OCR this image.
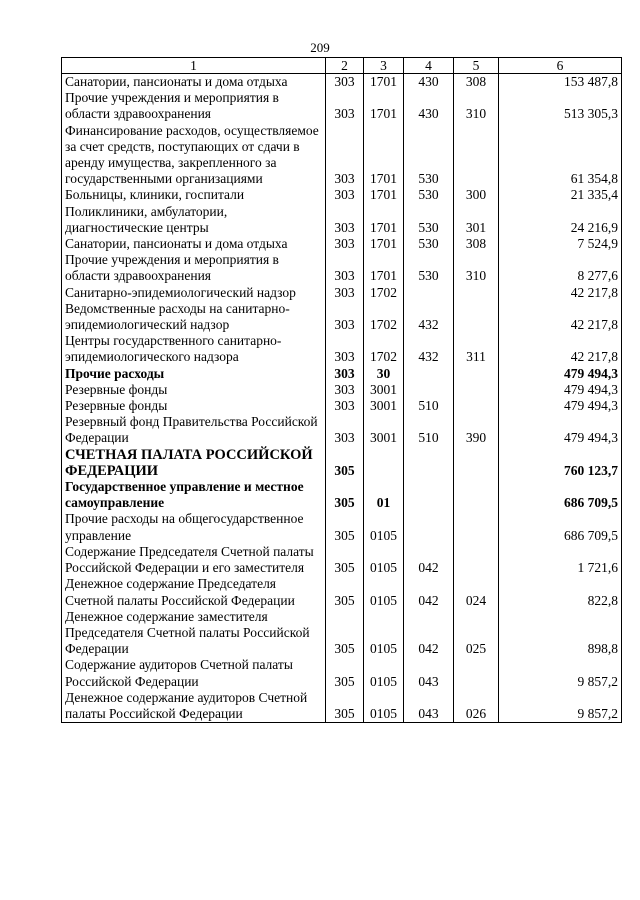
209
1	2	3	4	5	6
Санатории, пансионаты и дома отдыха	303	1701	430	308	153 487,8
Прочие учреждения и мероприятия в области здравоохранения	303	1701	430	310	513 305,3
Финансирование расходов, осуществляемое за счет средств, поступающих от сдачи в аренду имущества, закрепленного за государственными организациями	303	1701	530		61 354,8
Больницы, клиники, госпитали	303	1701	530	300	21 335,4
Поликлиники, амбулатории, диагностические центры	303	1701	530	301	24 216,9
Санатории, пансионаты и дома отдыха	303	1701	530	308	7 524,9
Прочие учреждения и мероприятия в области здравоохранения	303	1701	530	310	8 277,6
Санитарно-эпидемиологический надзор	303	1702			42 217,8
Ведомственные расходы на санитарно-эпидемиологический надзор	303	1702	432		42 217,8
Центры государственного санитарно-эпидемиологического надзора	303	1702	432	311	42 217,8
Прочие расходы	303	30			479 494,3
Резервные фонды	303	3001			479 494,3
Резервные фонды	303	3001	510		479 494,3
Резервный фонд Правительства Российской Федерации	303	3001	510	390	479 494,3
СЧЕТНАЯ ПАЛАТА РОССИЙСКОЙ ФЕДЕРАЦИИ	305				760 123,7
Государственное управление и местное самоуправление	305	01			686 709,5
Прочие расходы на общегосударственное управление	305	0105			686 709,5
Содержание Председателя Счетной палаты Российской Федерации и его заместителя	305	0105	042		1 721,6
Денежное содержание Председателя Счетной палаты Российской Федерации	305	0105	042	024	822,8
Денежное содержание заместителя Председателя Счетной палаты Российской Федерации	305	0105	042	025	898,8
Содержание аудиторов Счетной палаты Российской Федерации	305	0105	043		9 857,2
Денежное содержание аудиторов Счетной палаты Российской Федерации	305	0105	043	026	9 857,2
